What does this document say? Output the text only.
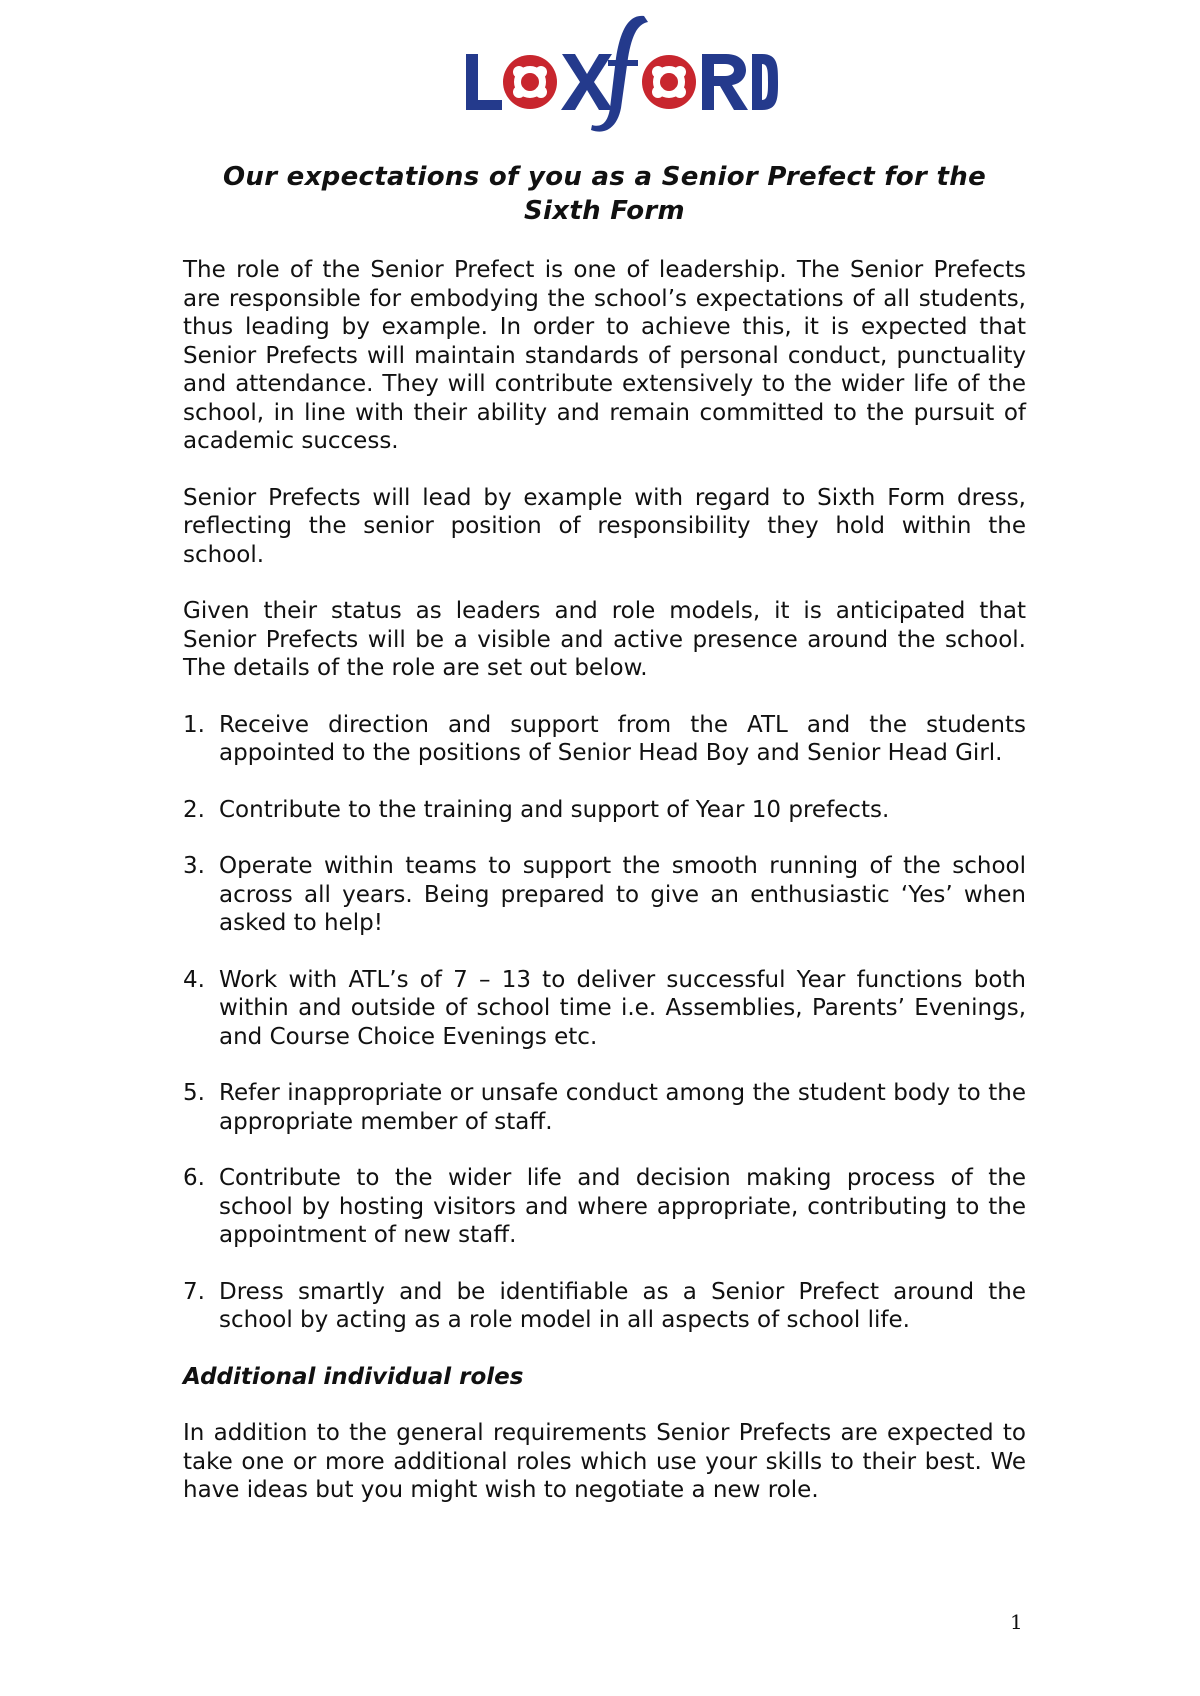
Our expectations of you as a Senior Prefect for the Sixth Form

The role of the Senior Prefect is one of leadership. The Senior Prefects are responsible for embodying the school’s expectations of all students, thus leading by example. In order to achieve this, it is expected that Senior Prefects will maintain standards of personal conduct, punctuality and attendance. They will contribute extensively to the wider life of the school, in line with their ability and remain committed to the pursuit of academic success.

Senior Prefects will lead by example with regard to Sixth Form dress, reflecting the senior position of responsibility they hold within the school.

Given their status as leaders and role models, it is anticipated that Senior Prefects will be a visible and active presence around the school. The details of the role are set out below.

1. Receive direction and support from the ATL and the students appointed to the positions of Senior Head Boy and Senior Head Girl.
2. Contribute to the training and support of Year 10 prefects.
3. Operate within teams to support the smooth running of the school across all years. Being prepared to give an enthusiastic ‘Yes’ when asked to help!
4. Work with ATL’s of 7 – 13 to deliver successful Year functions both within and outside of school time i.e. Assemblies, Parents’ Evenings, and Course Choice Evenings etc.
5. Refer inappropriate or unsafe conduct among the student body to the appropriate member of staff.
6. Contribute to the wider life and decision making process of the school by hosting visitors and where appropriate, contributing to the appointment of new staff.
7. Dress smartly and be identifiable as a Senior Prefect around the school by acting as a role model in all aspects of school life.
Additional individual roles

In addition to the general requirements Senior Prefects are expected to take one or more additional roles which use your skills to their best. We have ideas but you might wish to negotiate a new role.

1
